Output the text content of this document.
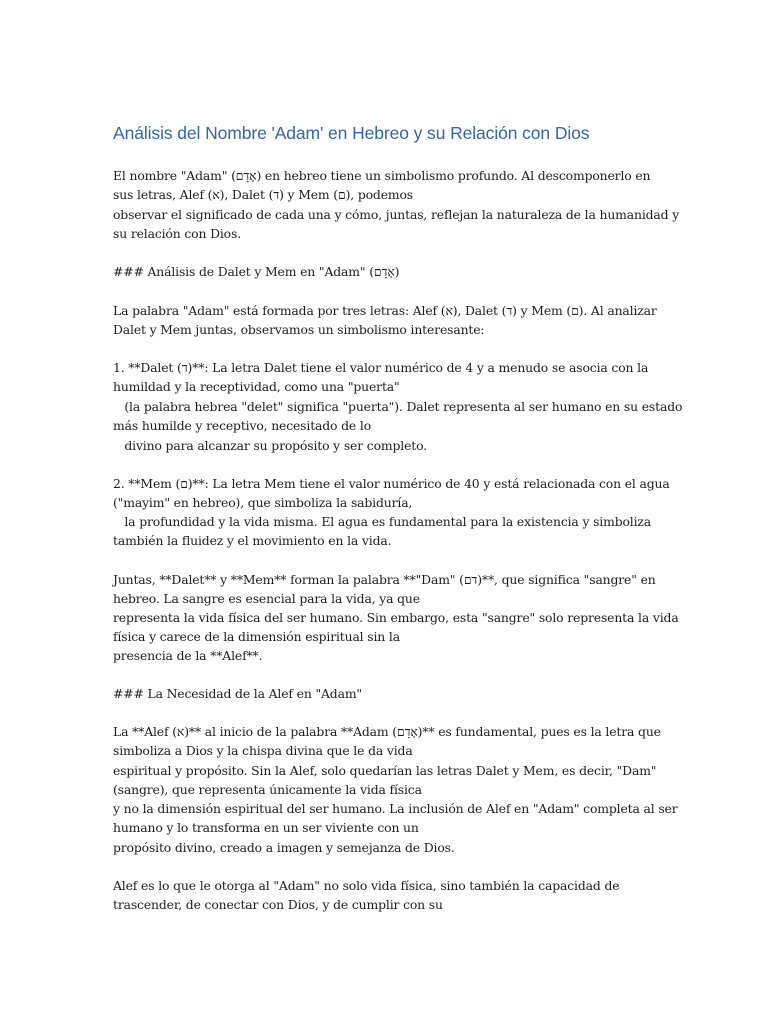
Análisis del Nombre 'Adam' en Hebreo y su Relación con Dios
El nombre "Adam" (אָדָם) en hebreo tiene un simbolismo profundo. Al descomponerlo en
sus letras, Alef (א), Dalet (ד) y Mem (ם), podemos
observar el significado de cada una y cómo, juntas, reflejan la naturaleza de la humanidad y
su relación con Dios.
### Análisis de Dalet y Mem en "Adam" (אָדָם)
La palabra "Adam" está formada por tres letras: Alef (א), Dalet (ד) y Mem (ם). Al analizar
Dalet y Mem juntas, observamos un simbolismo interesante:
1. **Dalet (ד)**: La letra Dalet tiene el valor numérico de 4 y a menudo se asocia con la
humildad y la receptividad, como una "puerta"
(la palabra hebrea "delet" significa "puerta"). Dalet representa al ser humano en su estado
más humilde y receptivo, necesitado de lo
divino para alcanzar su propósito y ser completo.
2. **Mem (ם)**: La letra Mem tiene el valor numérico de 40 y está relacionada con el agua
("mayim" en hebreo), que simboliza la sabiduría,
la profundidad y la vida misma. El agua es fundamental para la existencia y simboliza
también la fluidez y el movimiento en la vida.
Juntas, **Dalet** y **Mem** forman la palabra **"Dam" (דם)**, que significa "sangre" en
hebreo. La sangre es esencial para la vida, ya que
representa la vida física del ser humano. Sin embargo, esta "sangre" solo representa la vida
física y carece de la dimensión espiritual sin la
presencia de la **Alef**.
### La Necesidad de la Alef en "Adam"
La **Alef (א)** al inicio de la palabra **Adam (אָדָם)** es fundamental, pues es la letra que
simboliza a Dios y la chispa divina que le da vida
espiritual y propósito. Sin la Alef, solo quedarían las letras Dalet y Mem, es decir, "Dam"
(sangre), que representa únicamente la vida física
y no la dimensión espiritual del ser humano. La inclusión de Alef en "Adam" completa al ser
humano y lo transforma en un ser viviente con un
propósito divino, creado a imagen y semejanza de Dios.
Alef es lo que le otorga al "Adam" no solo vida física, sino también la capacidad de
trascender, de conectar con Dios, y de cumplir con su
